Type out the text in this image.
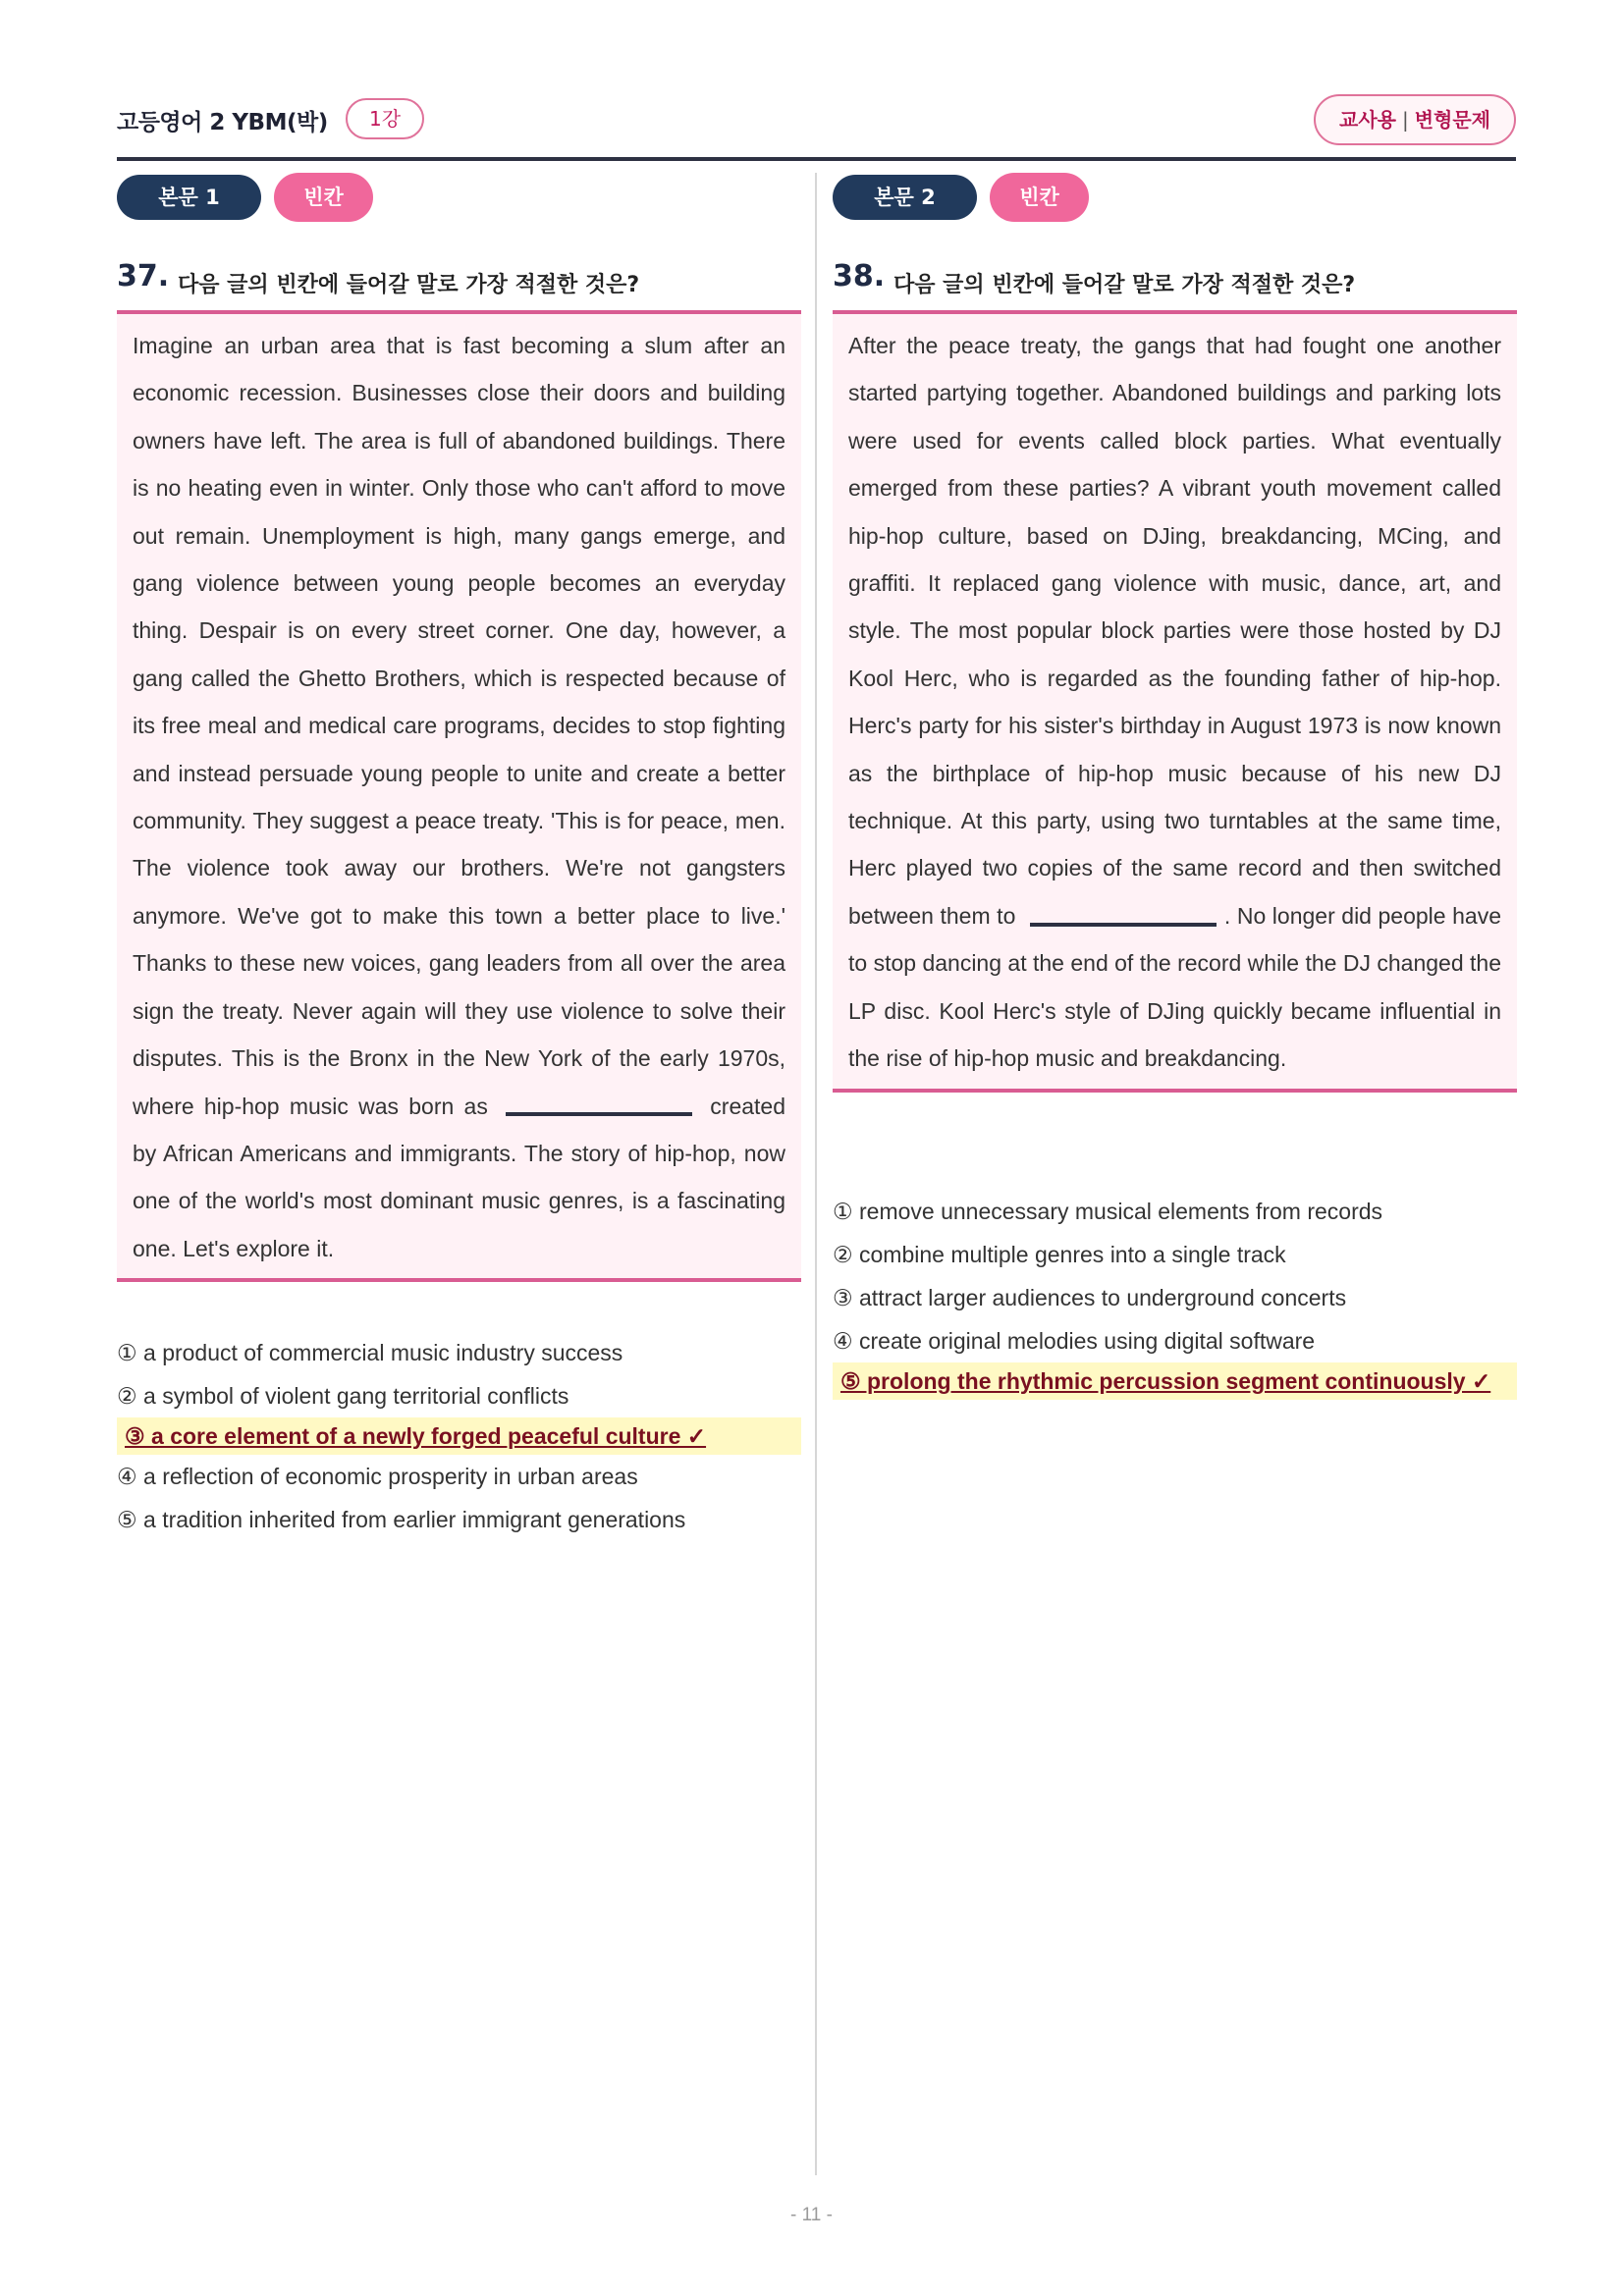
고등영어 2 YBM(박)	1강	교사용 | 변형문제
본문 1	빈칸
37. 다음 글의 빈칸에 들어갈 말로 가장 적절한 것은?
Imagine an urban area that is fast becoming a slum after an economic recession. Businesses close their doors and building owners have left. The area is full of abandoned buildings. There is no heating even in winter. Only those who can't afford to move out remain. Unemployment is high, many gangs emerge, and gang violence between young people becomes an everyday thing. Despair is on every street corner. One day, however, a gang called the Ghetto Brothers, which is respected because of its free meal and medical care programs, decides to stop fighting and instead persuade young people to unite and create a better community. They suggest a peace treaty. 'This is for peace, men. The violence took away our brothers. We're not gangsters anymore. We've got to make this town a better place to live.' Thanks to these new voices, gang leaders from all over the area sign the treaty. Never again will they use violence to solve their disputes. This is the Bronx in the New York of the early 1970s, where hip-hop music was born as	created by African Americans and immigrants. The story of hip-hop, now one of the world's most dominant music genres, is a fascinating one. Let's explore it.
① a product of commercial music industry success
② a symbol of violent gang territorial conflicts
③ a core element of a newly forged peaceful culture ✓
④ a reflection of economic prosperity in urban areas
⑤ a tradition inherited from earlier immigrant generations
본문 2	빈칸
38. 다음 글의 빈칸에 들어갈 말로 가장 적절한 것은?
After the peace treaty, the gangs that had fought one another started partying together. Abandoned buildings and parking lots were used for events called block parties. What eventually emerged from these parties? A vibrant youth movement called hip-hop culture, based on DJing, breakdancing, MCing, and graffiti. It replaced gang violence with music, dance, art, and style. The most popular block parties were those hosted by DJ Kool Herc, who is regarded as the founding father of hip-hop. Herc's party for his sister's birthday in August 1973 is now known as the birthplace of hip-hop music because of his new DJ technique. At this party, using two turntables at the same time, Herc played two copies of the same record and then switched between them to	. No longer did people have to stop dancing at the end of the record while the DJ changed the LP disc. Kool Herc's style of DJing quickly became influential in the rise of hip-hop music and breakdancing.
① remove unnecessary musical elements from records
② combine multiple genres into a single track
③ attract larger audiences to underground concerts
④ create original melodies using digital software
⑤ prolong the rhythmic percussion segment continuously ✓
- 11 -
